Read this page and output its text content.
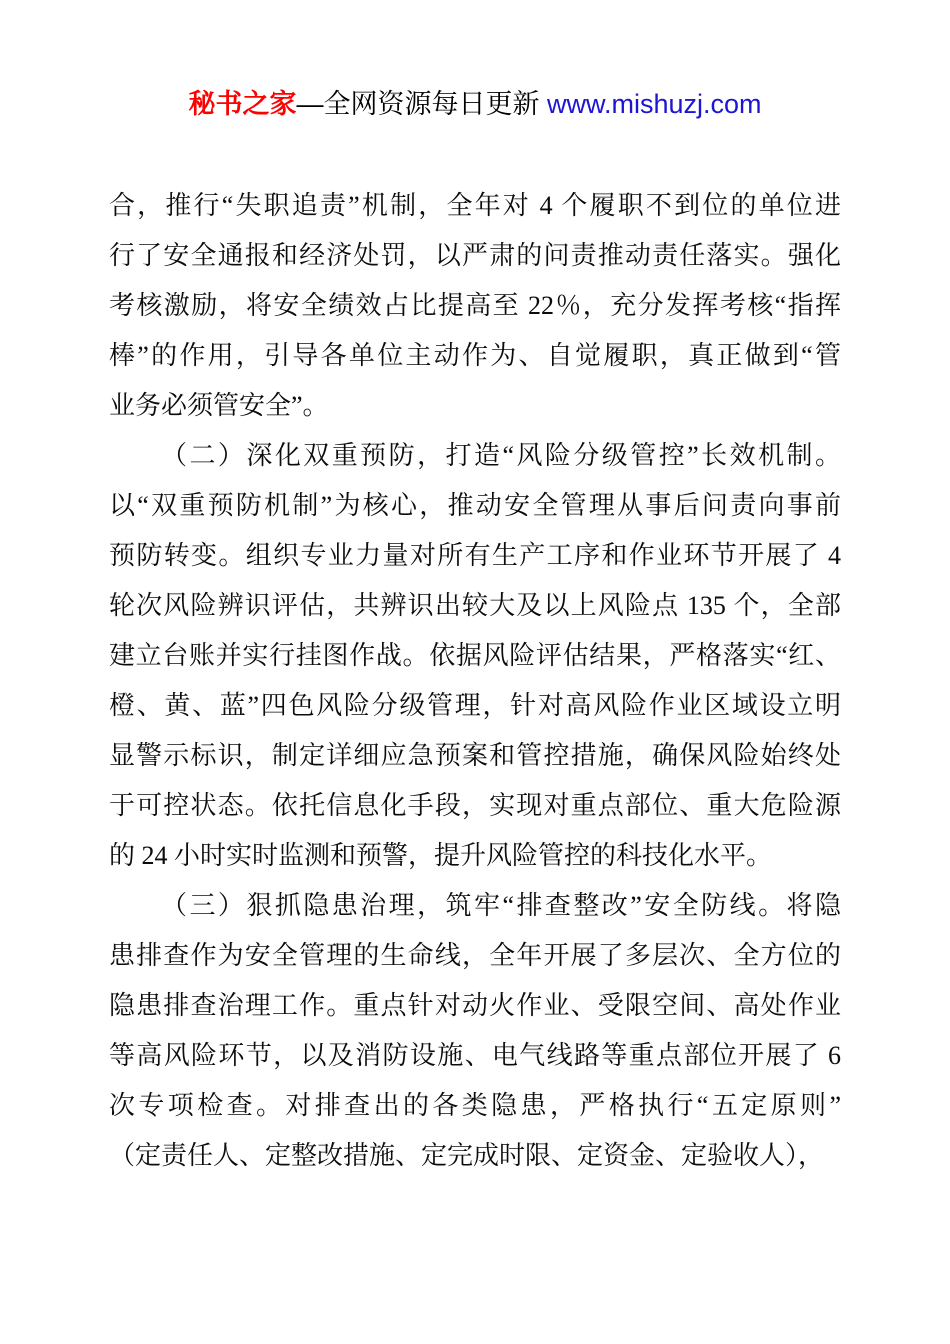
秘书之家—全网资源每日更新 www.mishuzj.com
合，推行“失职追责”机制，全年对 4 个履职不到位的单位进
行了安全通报和经济处罚，以严肃的问责推动责任落实。强化
考核激励，将安全绩效占比提高至 22％，充分发挥考核“指挥
棒”的作用，引导各单位主动作为、自觉履职，真正做到“管
业务必须管安全”。
（二）深化双重预防，打造“风险分级管控”长效机制。
以“双重预防机制”为核心，推动安全管理从事后问责向事前
预防转变。组织专业力量对所有生产工序和作业环节开展了 4
轮次风险辨识评估，共辨识出较大及以上风险点 135 个，全部
建立台账并实行挂图作战。依据风险评估结果，严格落实“红、
橙、黄、蓝”四色风险分级管理，针对高风险作业区域设立明
显警示标识，制定详细应急预案和管控措施，确保风险始终处
于可控状态。依托信息化手段，实现对重点部位、重大危险源
的 24 小时实时监测和预警，提升风险管控的科技化水平。
（三）狠抓隐患治理，筑牢“排查整改”安全防线。将隐
患排查作为安全管理的生命线，全年开展了多层次、全方位的
隐患排查治理工作。重点针对动火作业、受限空间、高处作业
等高风险环节，以及消防设施、电气线路等重点部位开展了 6
次专项检查。对排查出的各类隐患，严格执行“五定原则”
（定责任人、定整改措施、定完成时限、定资金、定验收人），
